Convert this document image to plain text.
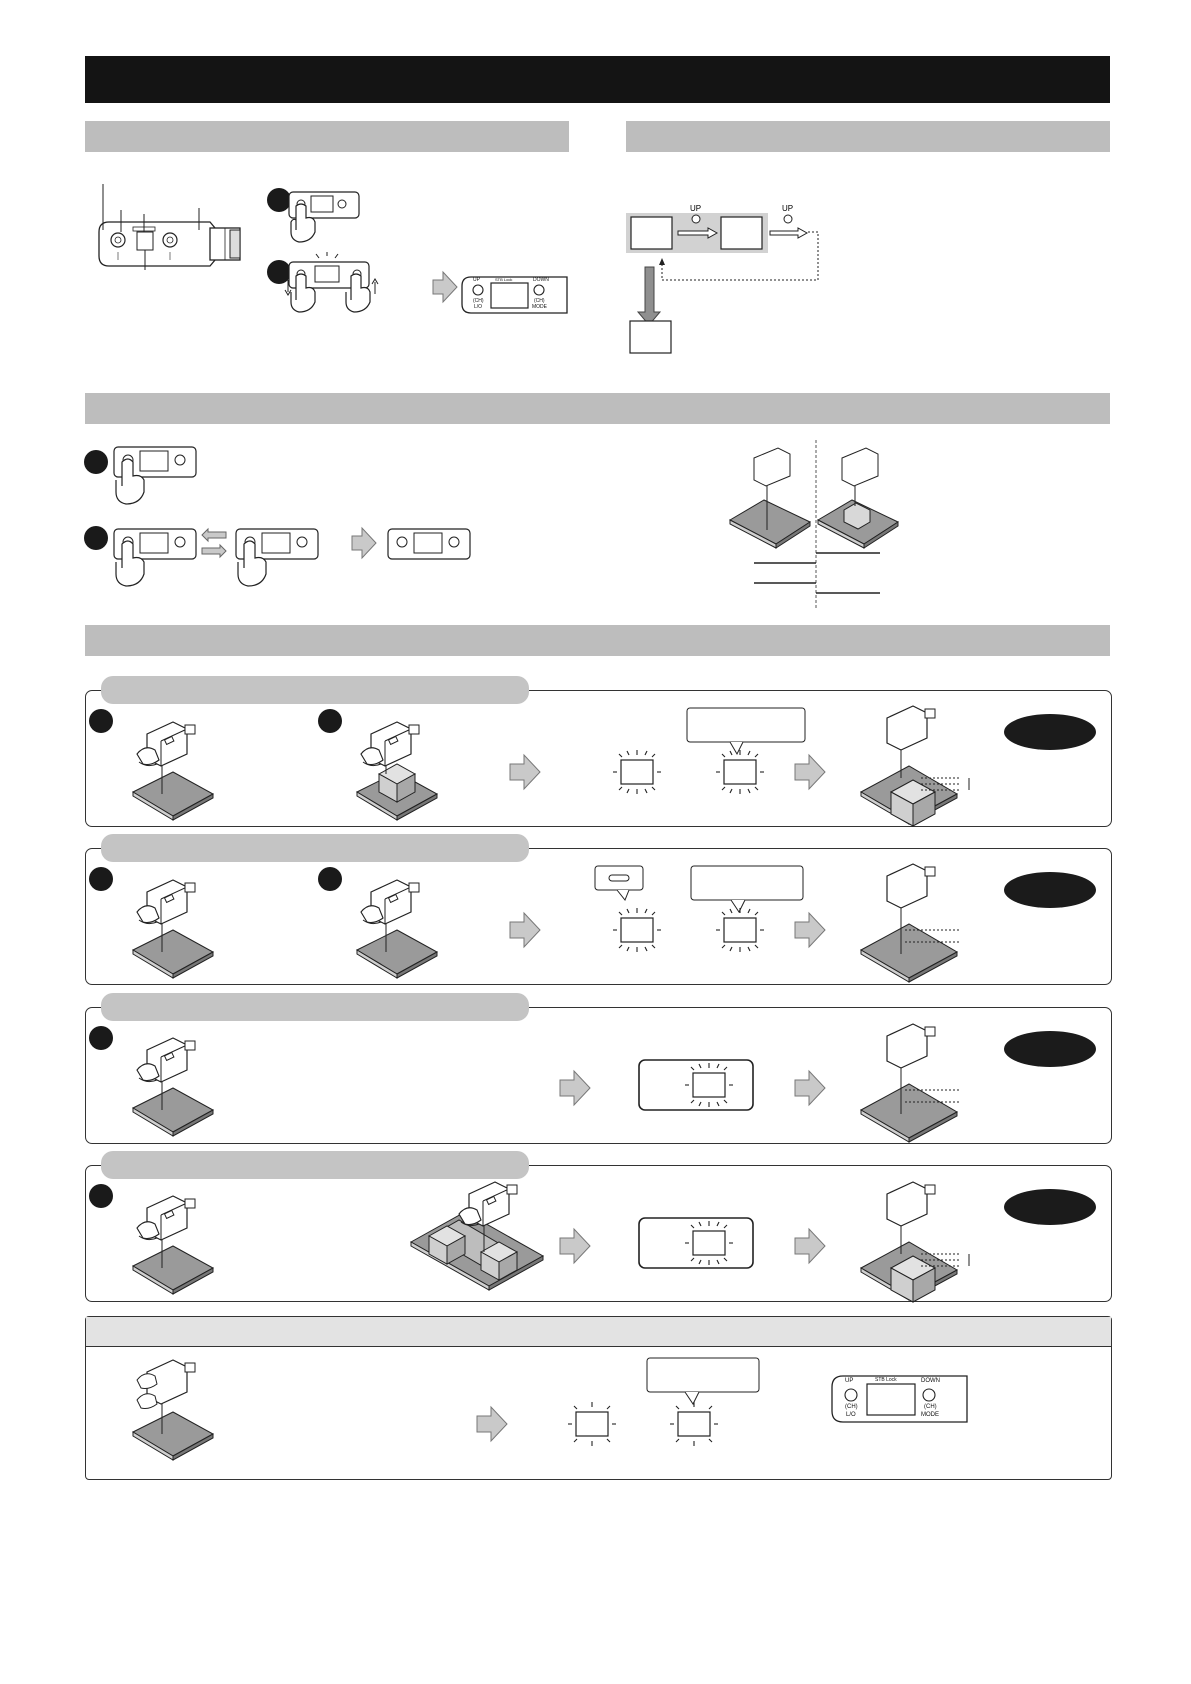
UP
(CH)
L/O
STB Lock	DOWN
(CH)
MODE
UP	UP
UP
(CH)
L/O
STB Lock	DOWN
(CH)
MODE
